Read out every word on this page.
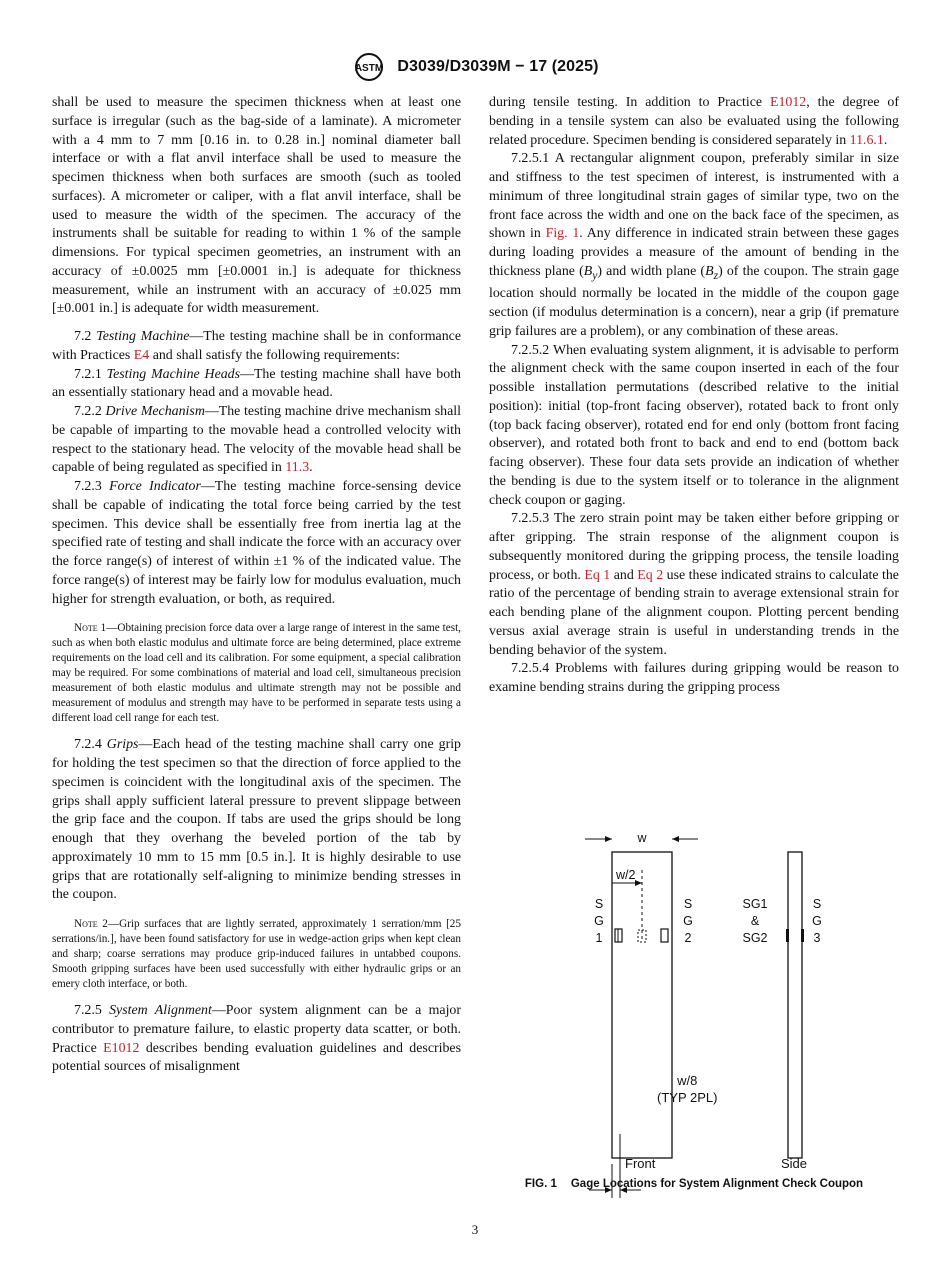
ASTM D3039/D3039M − 17 (2025)

shall be used to measure the specimen thickness when at least one surface is irregular (such as the bag-side of a laminate). A micrometer with a 4 mm to 7 mm [0.16 in. to 0.28 in.] nominal diameter ball interface or with a flat anvil interface shall be used to measure the specimen thickness when both surfaces are smooth (such as tooled surfaces). A micrometer or caliper, with a flat anvil interface, shall be used to measure the width of the specimen. The accuracy of the instruments shall be suitable for reading to within 1 % of the sample dimensions. For typical specimen geometries, an instrument with an accuracy of ±0.0025 mm [±0.0001 in.] is adequate for thickness measurement, while an instrument with an accuracy of ±0.025 mm [±0.001 in.] is adequate for width measurement.

7.2 Testing Machine—The testing machine shall be in conformance with Practices E4 and shall satisfy the following requirements:

7.2.1 Testing Machine Heads—The testing machine shall have both an essentially stationary head and a movable head.

7.2.2 Drive Mechanism—The testing machine drive mechanism shall be capable of imparting to the movable head a controlled velocity with respect to the stationary head. The velocity of the movable head shall be capable of being regulated as specified in 11.3.

7.2.3 Force Indicator—The testing machine force-sensing device shall be capable of indicating the total force being carried by the test specimen. This device shall be essentially free from inertia lag at the specified rate of testing and shall indicate the force with an accuracy over the force range(s) of interest of within ±1 % of the indicated value. The force range(s) of interest may be fairly low for modulus evaluation, much higher for strength evaluation, or both, as required.

Note 1—Obtaining precision force data over a large range of interest in the same test, such as when both elastic modulus and ultimate force are being determined, place extreme requirements on the load cell and its calibration. For some equipment, a special calibration may be required. For some combinations of material and load cell, simultaneous precision measurement of both elastic modulus and ultimate strength may not be possible and measurement of modulus and strength may have to be performed in separate tests using a different load cell range for each test.

7.2.4 Grips—Each head of the testing machine shall carry one grip for holding the test specimen so that the direction of force applied to the specimen is coincident with the longitudinal axis of the specimen. The grips shall apply sufficient lateral pressure to prevent slippage between the grip face and the coupon. If tabs are used the grips should be long enough that they overhang the beveled portion of the tab by approximately 10 mm to 15 mm [0.5 in.]. It is highly desirable to use grips that are rotationally self-aligning to minimize bending stresses in the coupon.

Note 2—Grip surfaces that are lightly serrated, approximately 1 serration/mm [25 serrations/in.], have been found satisfactory for use in wedge-action grips when kept clean and sharp; coarse serrations may produce grip-induced failures in untabbed coupons. Smooth gripping surfaces have been used successfully with either hydraulic grips or an emery cloth interface, or both.

7.2.5 System Alignment—Poor system alignment can be a major contributor to premature failure, to elastic property data scatter, or both. Practice E1012 describes bending evaluation guidelines and describes potential sources of misalignment

during tensile testing. In addition to Practice E1012, the degree of bending in a tensile system can also be evaluated using the following related procedure. Specimen bending is considered separately in 11.6.1.

7.2.5.1 A rectangular alignment coupon, preferably similar in size and stiffness to the test specimen of interest, is instrumented with a minimum of three longitudinal strain gages of similar type, two on the front face across the width and one on the back face of the specimen, as shown in Fig. 1. Any difference in indicated strain between these gages during loading provides a measure of the amount of bending in the thickness plane $(B_y)$ and width plane $(B_z)$ of the coupon. The strain gage location should normally be located in the middle of the coupon gage section (if modulus determination is a concern), near a grip (if premature grip failures are a problem), or any combination of these areas.

7.2.5.2 When evaluating system alignment, it is advisable to perform the alignment check with the same coupon inserted in each of the four possible installation permutations (described relative to the initial position): initial (top-front facing observer), rotated back to front only (top back facing observer), rotated end for end only (bottom front facing observer), and rotated both front to back and end to end (bottom back facing observer). These four data sets provide an indication of whether the bending is due to the system itself or to tolerance in the alignment check coupon or gaging.

7.2.5.3 The zero strain point may be taken either before gripping or after gripping. The strain response of the alignment coupon is subsequently monitored during the gripping process, the tensile loading process, or both. Eq 1 and Eq 2 use these indicated strains to calculate the ratio of the percentage of bending strain to average extensional strain for each bending plane of the alignment coupon. Plotting percent bending versus axial average strain is useful in understanding trends in the bending behavior of the system.

7.2.5.4 Problems with failures during gripping would be reason to examine bending strains during the gripping process

w
w/2
S
G
1
S
G
2
SG1
&
SG2
S
G
3
w/8
(TYP 2PL)
Front	Side
FIG. 1 Gage Locations for System Alignment Check Coupon
3
